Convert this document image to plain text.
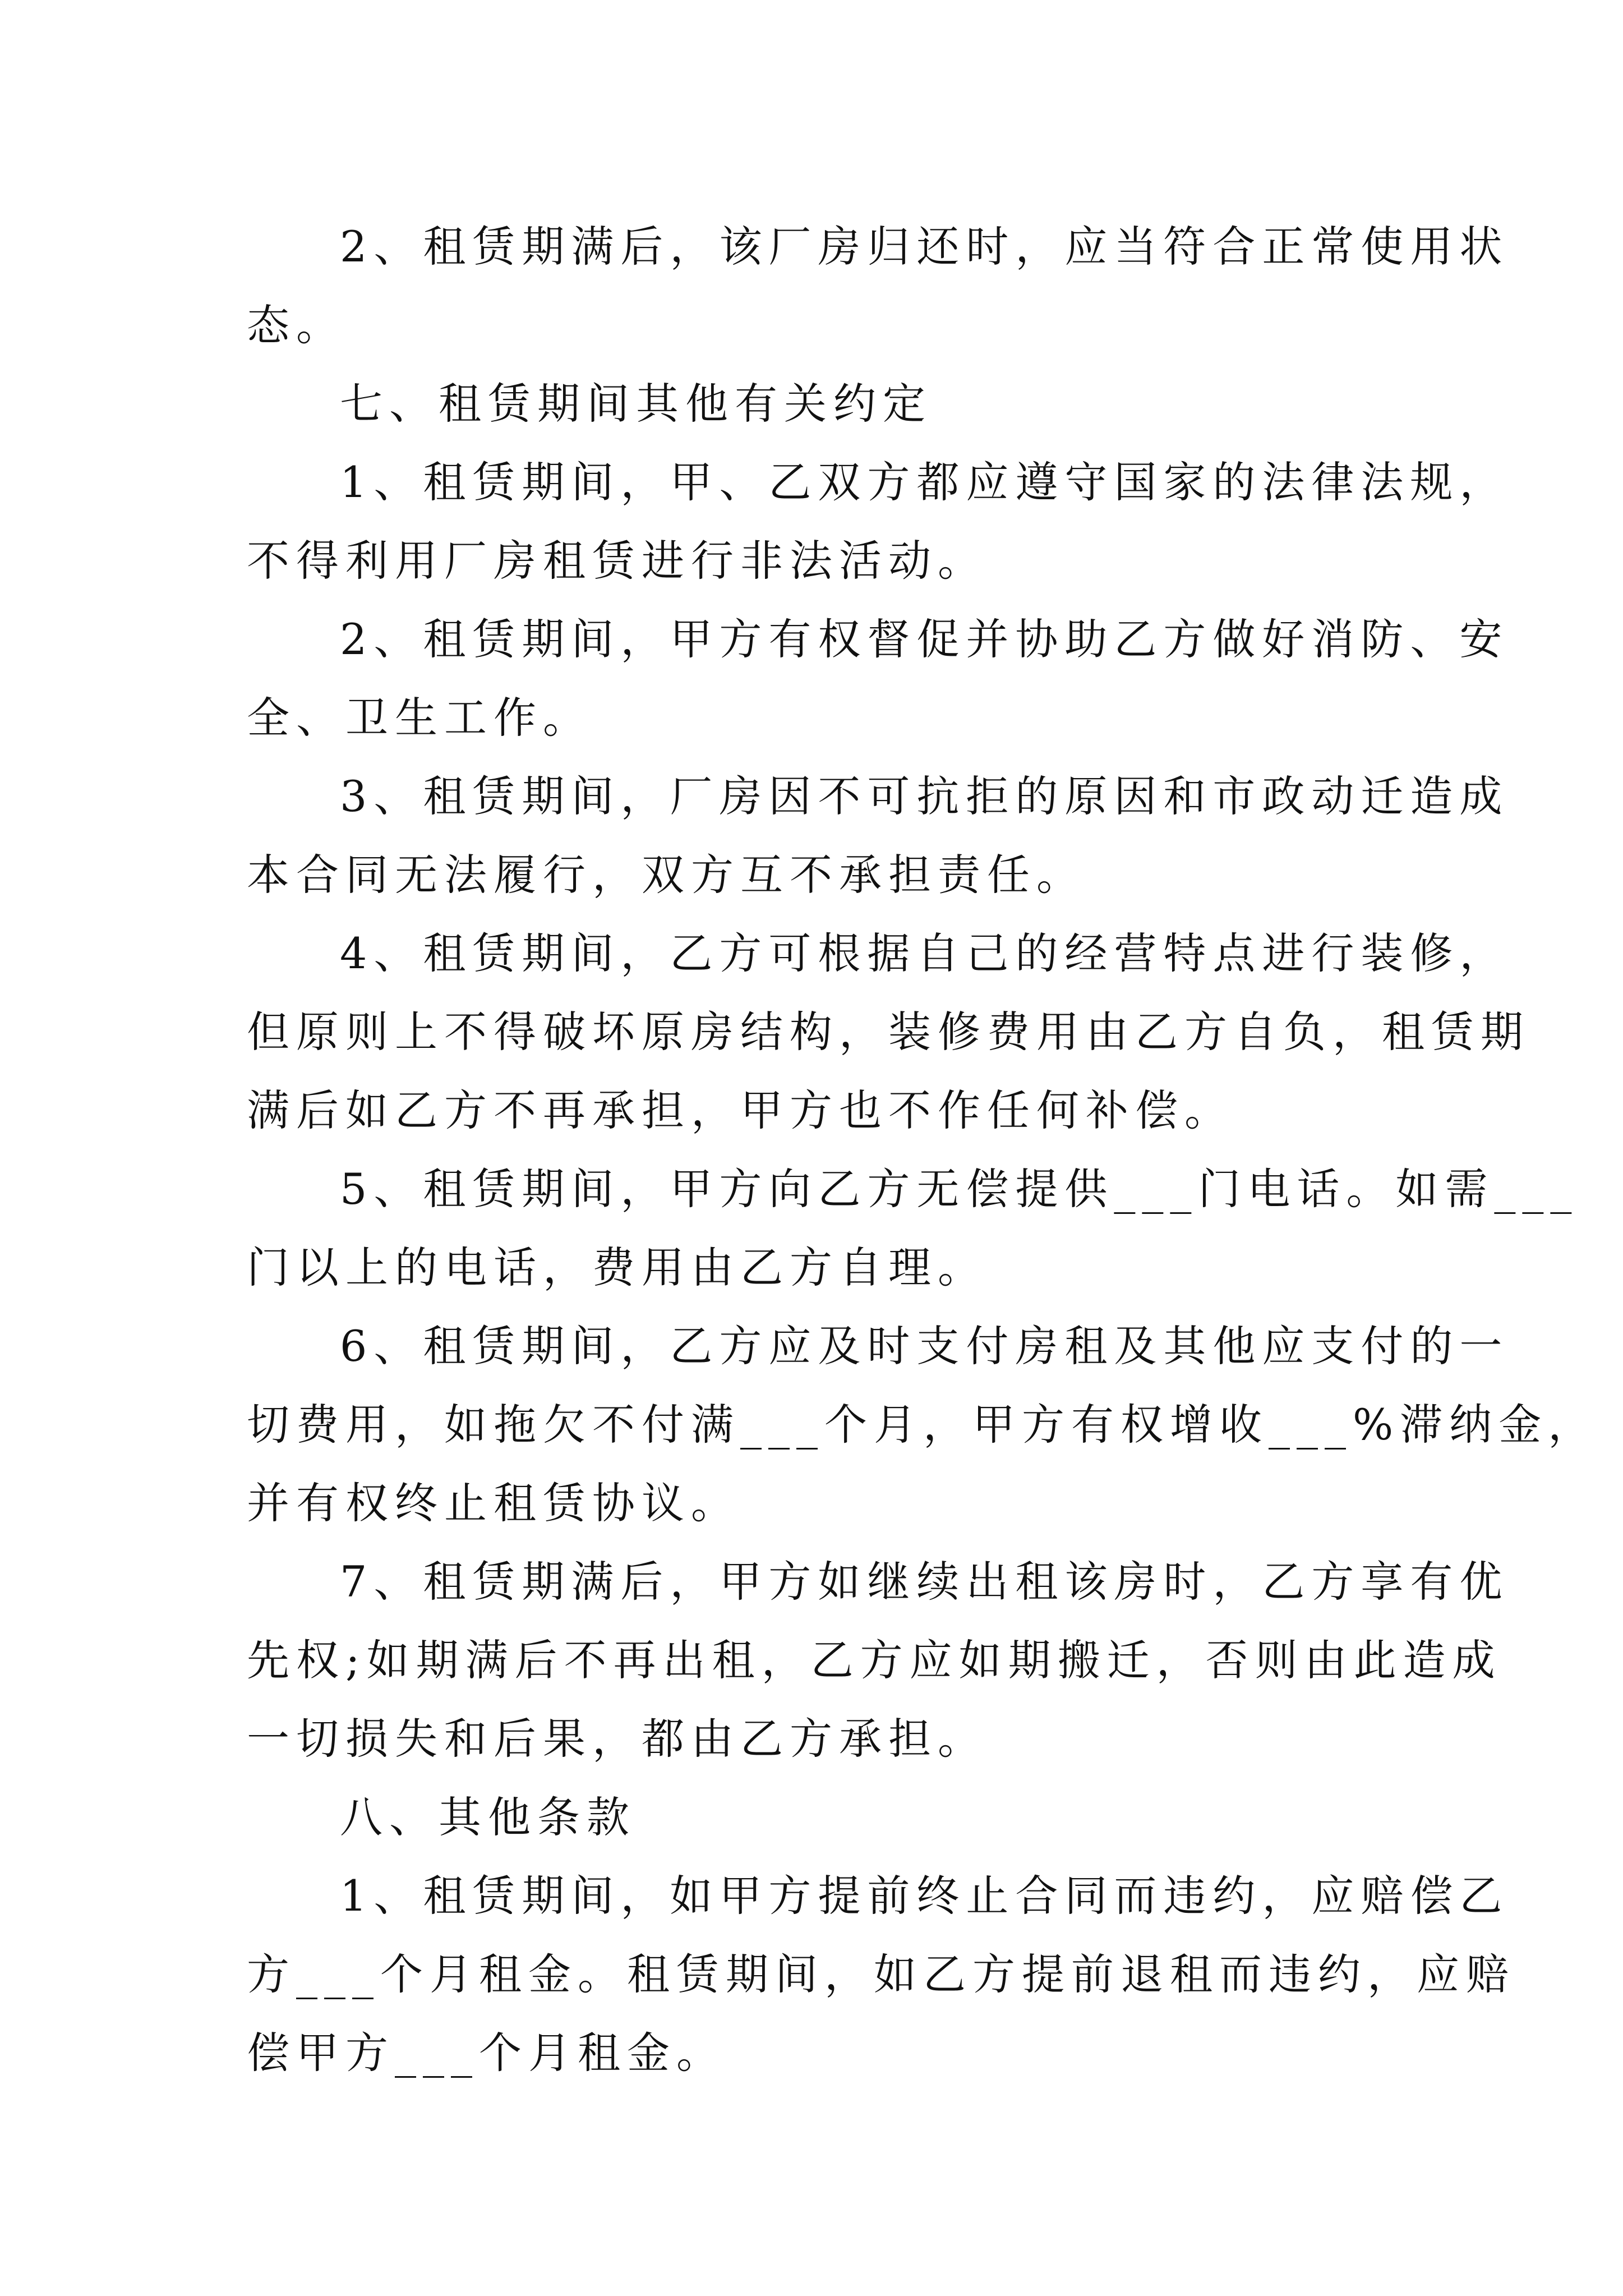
2、租赁期满后，该厂房归还时，应当符合正常使用状
态。
七、租赁期间其他有关约定
1、租赁期间，甲、乙双方都应遵守国家的法律法规，
不得利用厂房租赁进行非法活动。
2、租赁期间，甲方有权督促并协助乙方做好消防、安
全、卫生工作。
3、租赁期间，厂房因不可抗拒的原因和市政动迁造成
本合同无法履行，双方互不承担责任。
4、租赁期间，乙方可根据自己的经营特点进行装修，
但原则上不得破坏原房结构，装修费用由乙方自负，租赁期
满后如乙方不再承担，甲方也不作任何补偿。
5、租赁期间，甲方向乙方无偿提供___门电话。如需___
门以上的电话，费用由乙方自理。
6、租赁期间，乙方应及时支付房租及其他应支付的一
切费用，如拖欠不付满___个月，甲方有权增收___%滞纳金，
并有权终止租赁协议。
7、租赁期满后，甲方如继续出租该房时，乙方享有优
先权;如期满后不再出租，乙方应如期搬迁，否则由此造成
一切损失和后果，都由乙方承担。
八、其他条款
1、租赁期间，如甲方提前终止合同而违约，应赔偿乙
方___个月租金。租赁期间，如乙方提前退租而违约，应赔
偿甲方___个月租金。
